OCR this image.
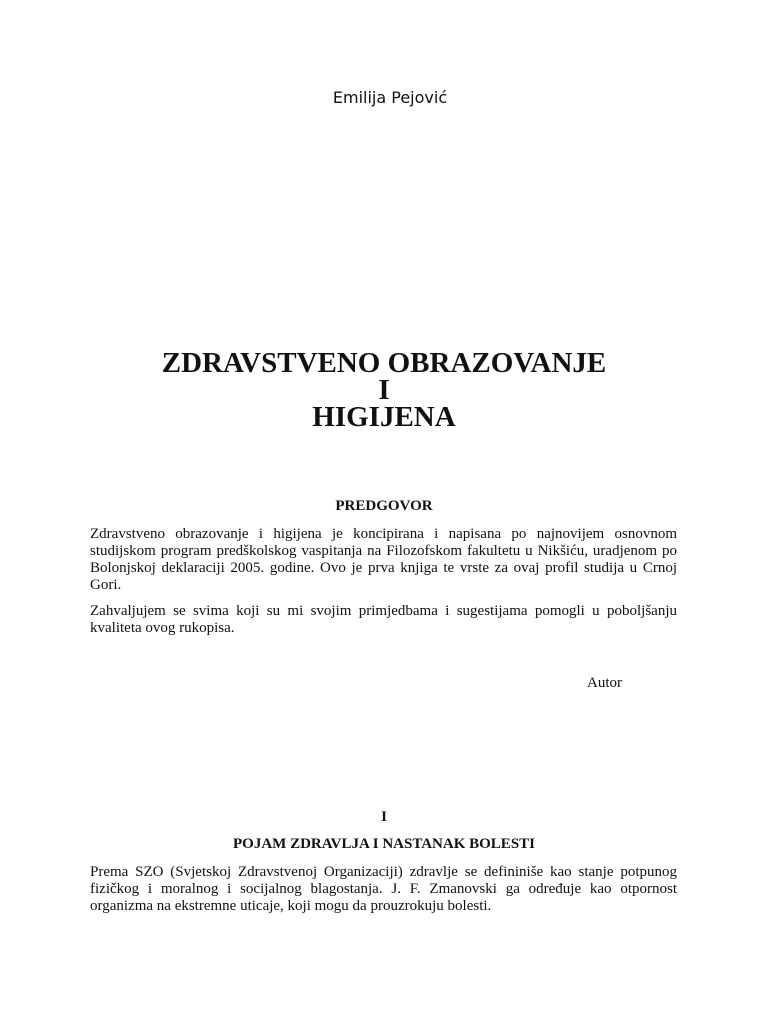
Emilija Pejović
ZDRAVSTVENO OBRAZOVANJE
I
HIGIJENA
PREDGOVOR

Zdravstveno obrazovanje i higijena je koncipirana i napisana po najnovijem osnovnom studijskom program predškolskog vaspitanja na Filozofskom fakultetu u Nikšiću, uradjenom po Bolonjskoj deklaraciji 2005. godine. Ovo je prva knjiga te vrste za ovaj profil studija u Crnoj Gori.

Zahvaljujem se svima koji su mi svojim primjedbama i sugestijama pomogli u poboljšanju kvaliteta ovog rukopisa.

Autor
I
POJAM ZDRAVLJA I NASTANAK BOLESTI

Prema SZO (Svjetskoj Zdravstvenoj Organizaciji) zdravlje se defininiše kao stanje potpunog fizičkog i moralnog i socijalnog blagostanja. J. F. Zmanovski ga određuje kao otpornost organizma na ekstremne uticaje, koji mogu da prouzrokuju bolesti.
